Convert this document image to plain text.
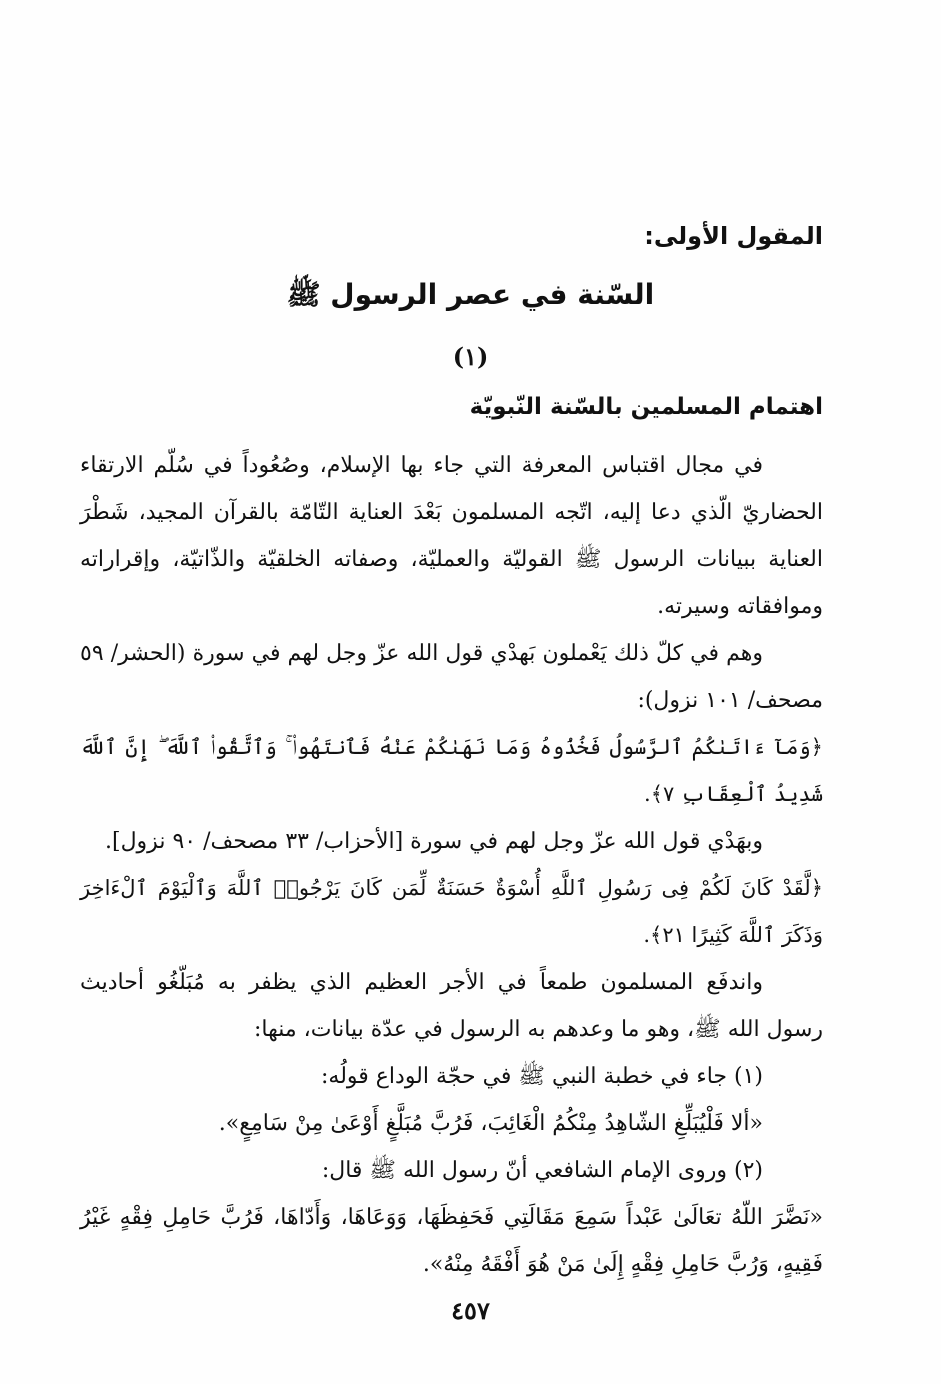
المقول الأولى:
السّنة في عصر الرسول ﷺ
(١)
اهتمام المسلمين بالسّنة النّبويّة

في مجال اقتباس المعرفة التي جاء بها الإسلام، وصُعُوداً في سُلّم الارتقاء الحضاريّ الّذي دعا إليه، اتّجه المسلمون بَعْدَ العناية التّامّة بالقرآن المجيد، شَطْرَ العناية ببيانات الرسول ﷺ القوليّة والعمليّة، وصفاته الخلقيّة والذّاتيّة، وإقراراته وموافقاته وسيرته.

وهم في كلّ ذلك يَعْملون بَهدْي قول الله عزّ وجل لهم في سورة (الحشر/ ٥٩ مصحف/ ١٠١ نزول):

﴿وَمَآ ءَاتَىٰكُمُ ٱلرَّسُولُ فَخُذُوهُ وَمَا نَهَىٰكُمْ عَنْهُ فَٱنتَهُوا۟ ۚ وَٱتَّقُوا۟ ٱللَّهَ ۖ إِنَّ ٱللَّهَ شَدِيدُ ٱلْعِقَابِ ٧﴾.

وبهَدْي قول الله عزّ وجل لهم في سورة [الأحزاب/ ٣٣ مصحف/ ٩٠ نزول].

﴿لَّقَدْ كَانَ لَكُمْ فِى رَسُولِ ٱللَّهِ أُسْوَةٌ حَسَنَةٌ لِّمَن كَانَ يَرْجُوا۟ ٱللَّهَ وَٱلْيَوْمَ ٱلْءَاخِرَ وَذَكَرَ ٱللَّهَ كَثِيرًا ٢١﴾.

واندفَع المسلمون طمعاً في الأجر العظيم الذي يظفر به مُبَلّغُو أحاديث رسول الله ﷺ، وهو ما وعدهم به الرسول في عدّة بيانات، منها:

(١) جاء في خطبة النبي ﷺ في حجّة الوداع قولُه:

«ألا فَلْيُبَلِّغِ الشّاهِدُ مِنْكُمُ الْغَائِبَ، فَرُبَّ مُبَلَّغٍ أَوْعَىٰ مِنْ سَامِعٍ».

(٢) وروى الإمام الشافعي أنّ رسول الله ﷺ قال:

«نَضَّرَ اللّهُ تعَالَىٰ عَبْداً سَمِعَ مَقَالَتِي فَحَفِظَهَا، وَوَعَاهَا، وَأَدّاهَا، فَرُبَّ حَامِلِ فِقْهٍ غَيْرُ فَقِيهٍ، وَرُبَّ حَامِلِ فِقْهٍ إِلَىٰ مَنْ هُوَ أَفْقَهُ مِنْهُ».

٤٥٧
